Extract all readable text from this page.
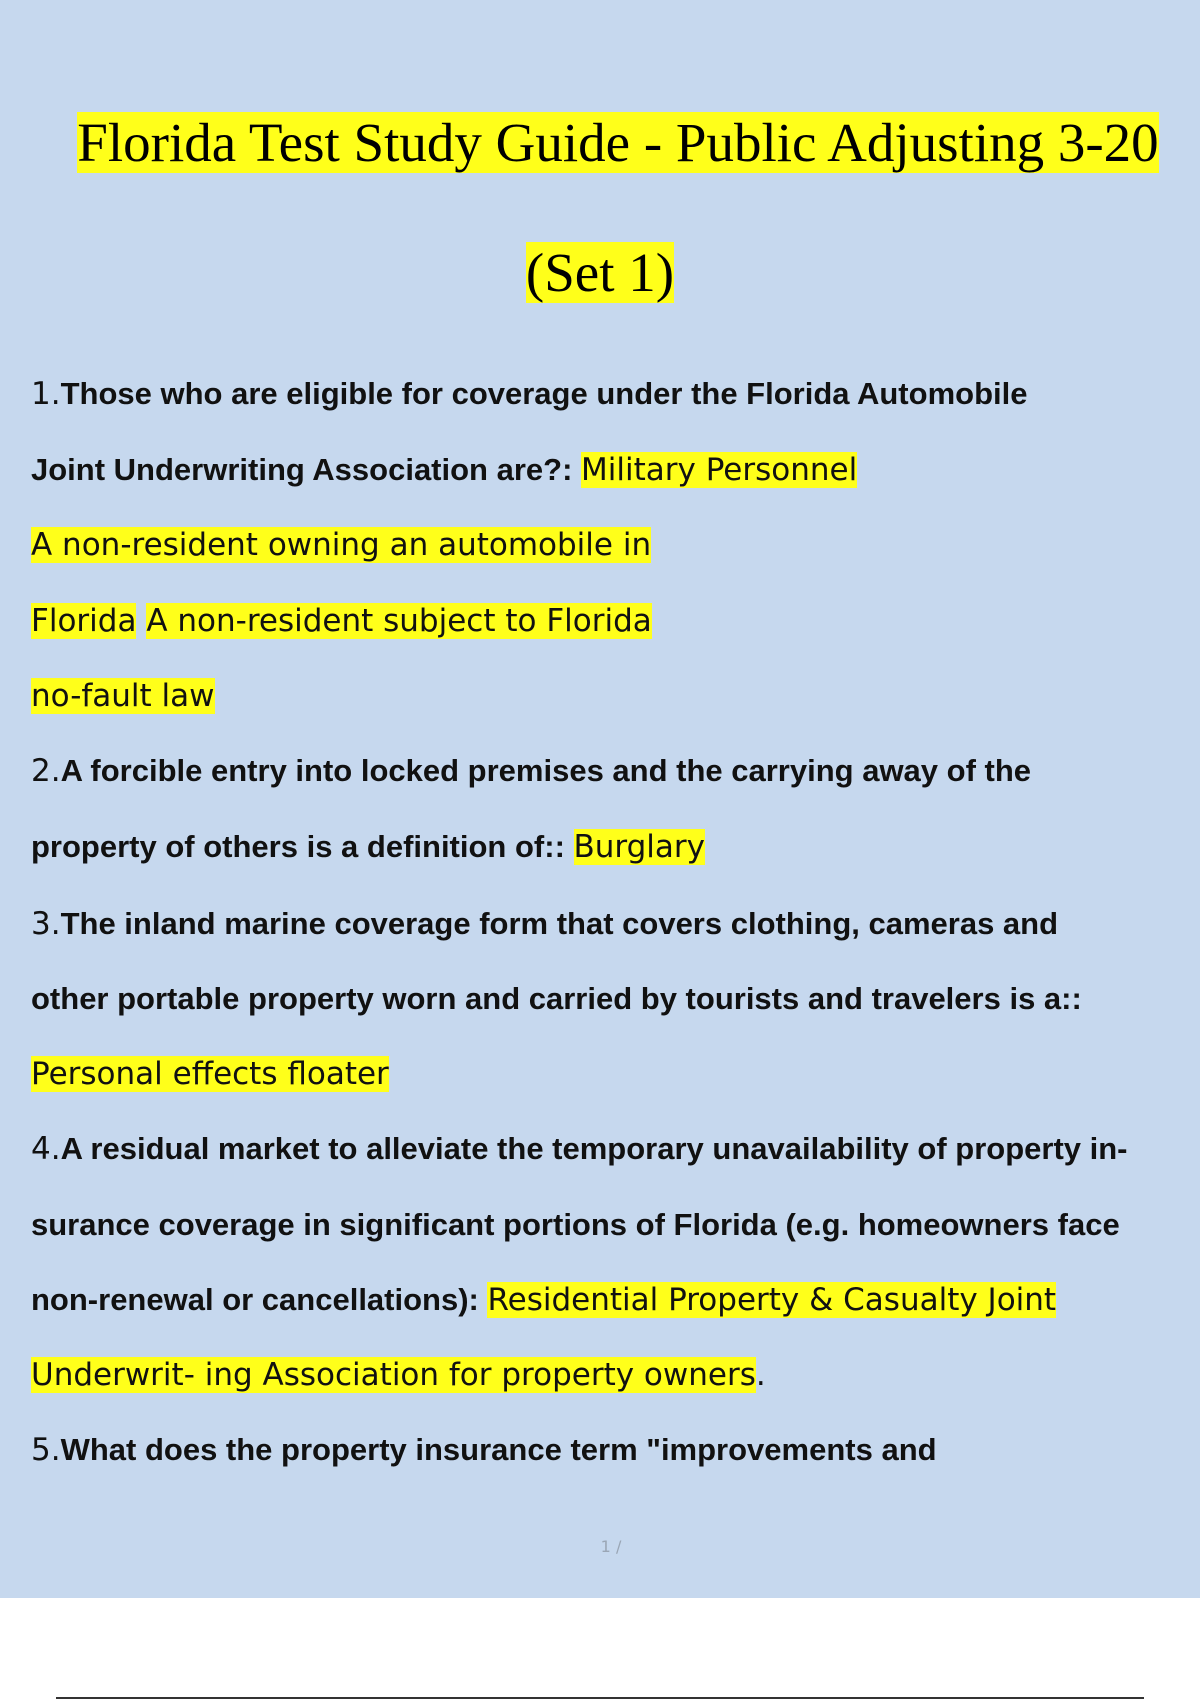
Florida Test Study Guide - Public Adjusting 3-20
(Set 1)
1.Those who are eligible for coverage under the Florida Automobile
Joint Underwriting Association are?: Military Personnel
A non-resident owning an automobile in
Florida A non-resident subject to Florida
no-fault law
2.A forcible entry into locked premises and the carrying away of the
property of others is a definition of:: Burglary
3.The inland marine coverage form that covers clothing, cameras and
other portable property worn and carried by tourists and travelers is a::
Personal effects floater
4.A residual market to alleviate the temporary unavailability of property in-
surance coverage in significant portions of Florida (e.g. homeowners face
non-renewal or cancellations): Residential Property & Casualty Joint
Underwrit- ing Association for property owners.
5.What does the property insurance term "improvements and
1 /
